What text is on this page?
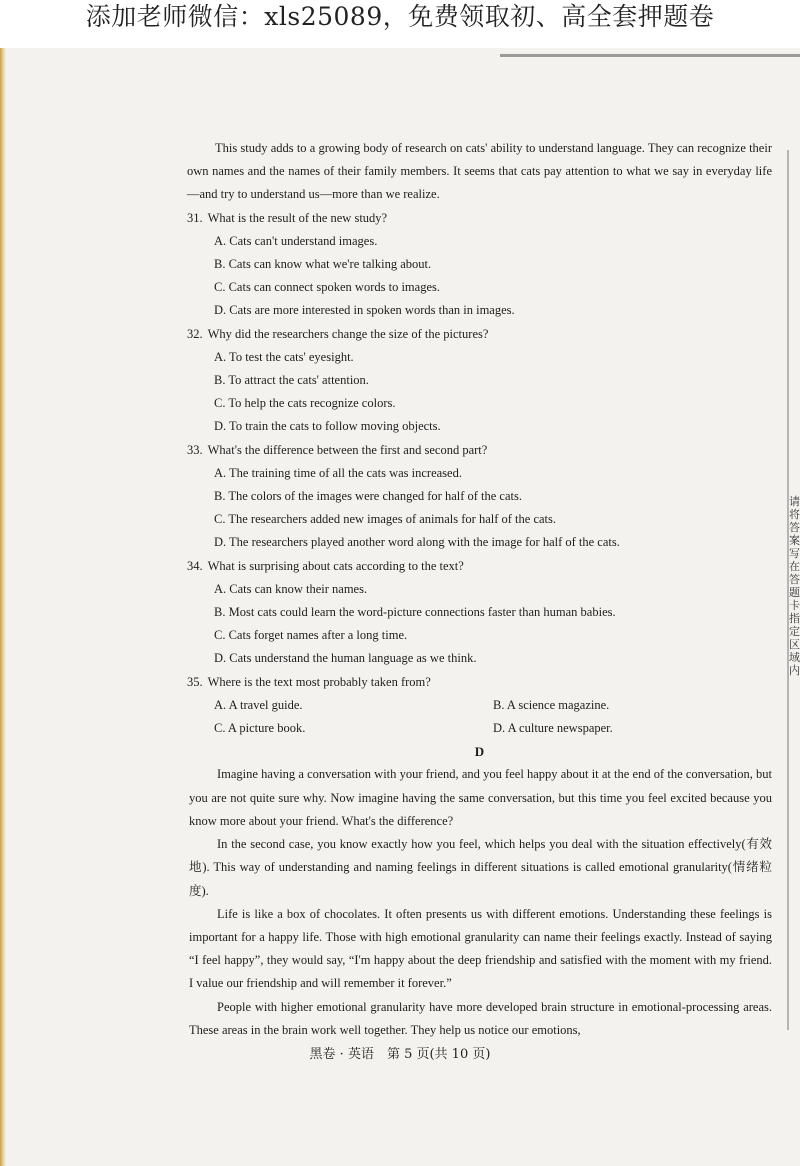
添加老师微信：xls25089，免费领取初、高全套押题卷
请将答案写在答题卡指定区域内

This study adds to a growing body of research on cats' ability to understand language. They can recognize their own names and the names of their family members. It seems that cats pay attention to what we say in everyday life—and try to understand us—more than we realize.

31. What is the result of the new study?

A. Cats can't understand images.

B. Cats can know what we're talking about.

C. Cats can connect spoken words to images.

D. Cats are more interested in spoken words than in images.

32. Why did the researchers change the size of the pictures?

A. To test the cats' eyesight.

B. To attract the cats' attention.

C. To help the cats recognize colors.

D. To train the cats to follow moving objects.

33. What's the difference between the first and second part?

A. The training time of all the cats was increased.

B. The colors of the images were changed for half of the cats.

C. The researchers added new images of animals for half of the cats.

D. The researchers played another word along with the image for half of the cats.

34. What is surprising about cats according to the text?

A. Cats can know their names.

B. Most cats could learn the word-picture connections faster than human babies.

C. Cats forget names after a long time.

D. Cats understand the human language as we think.

35. Where is the text most probably taken from?

A. A travel guide.	B. A science magazine.
C. A picture book.	D. A culture newspaper.

D

Imagine having a conversation with your friend, and you feel happy about it at the end of the conversation, but you are not quite sure why. Now imagine having the same conversation, but this time you feel excited because you know more about your friend. What's the difference?

In the second case, you know exactly how you feel, which helps you deal with the situation effectively(有效地). This way of understanding and naming feelings in different situations is called emotional granularity(情绪粒度).

Life is like a box of chocolates. It often presents us with different emotions. Understanding these feelings is important for a happy life. Those with high emotional granularity can name their feelings exactly. Instead of saying “I feel happy”, they would say, “I'm happy about the deep friendship and satisfied with the moment with my friend. I value our friendship and will remember it forever.”

People with higher emotional granularity have more developed brain structure in emotional-processing areas. These areas in the brain work well together. They help us notice our emotions,

黑卷 · 英语　第 5 页(共 10 页)
